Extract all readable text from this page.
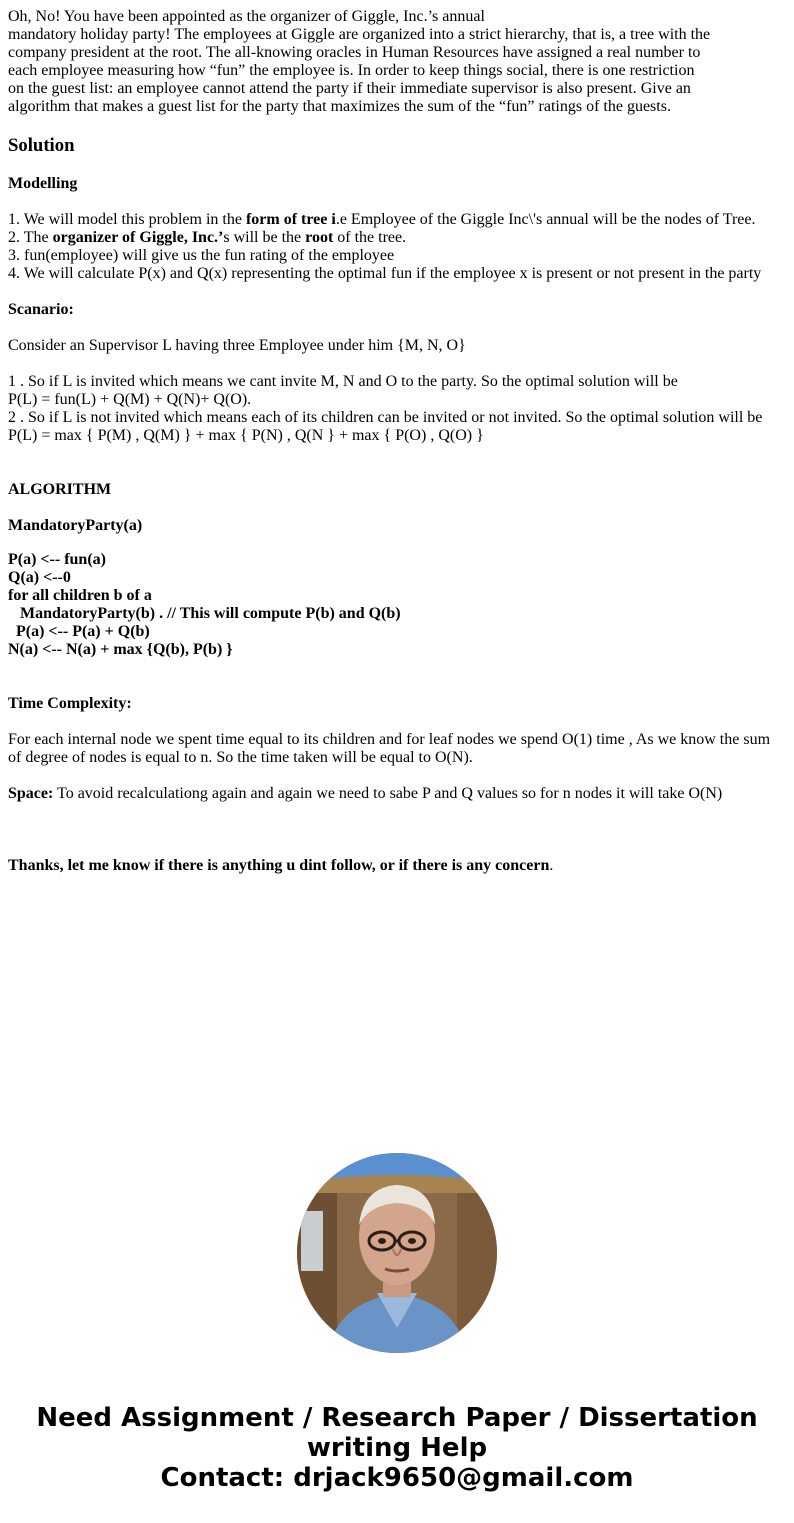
Oh, No! You have been appointed as the organizer of Giggle, Inc.’s annual
mandatory holiday party! The employees at Giggle are organized into a strict hierarchy, that is, a tree with the
company president at the root. The all-knowing oracles in Human Resources have assigned a real number to
each employee measuring how “fun” the employee is. In order to keep things social, there is one restriction
on the guest list: an employee cannot attend the party if their immediate supervisor is also present. Give an
algorithm that makes a guest list for the party that maximizes the sum of the “fun” ratings of the guests.
Solution
Modelling
1. We will model this problem in the form of tree i.e Employee of the Giggle Inc\'s annual will be the nodes of Tree.
2. The organizer of Giggle, Inc.’s will be the root of the tree.
3. fun(employee) will give us the fun rating of the employee
4. We will calculate P(x) and Q(x) representing the optimal fun if the employee x is present or not present in the party
Scanario:
Consider an Supervisor L having three Employee under him {M, N, O}
1 . So if L is invited which means we cant invite M, N and O to the party. So the optimal solution will be
P(L) = fun(L) + Q(M) + Q(N)+ Q(O).
2 . So if L is not invited which means each of its children can be invited or not invited. So the optimal solution will be
P(L) = max { P(M) , Q(M) } + max { P(N) , Q(N } + max { P(O) , Q(O) }
ALGORITHM
MandatoryParty(a)
P(a) <-- fun(a)
Q(a) <--0
for all children b of a
MandatoryParty(b) . // This will compute P(b) and Q(b)
P(a) <-- P(a) + Q(b)
N(a) <-- N(a) + max {Q(b), P(b) }
Time Complexity:
For each internal node we spent time equal to its children and for leaf nodes we spend O(1) time , As we know the sum of degree of nodes is equal to n. So the time taken will be equal to O(N).
Space: To avoid recalculationg again and again we need to sabe P and Q values so for n nodes it will take O(N)
Thanks, let me know if there is anything u dint follow, or if there is any concern.
Need Assignment / Research Paper / Dissertation
writing Help
Contact: drjack9650@gmail.com
